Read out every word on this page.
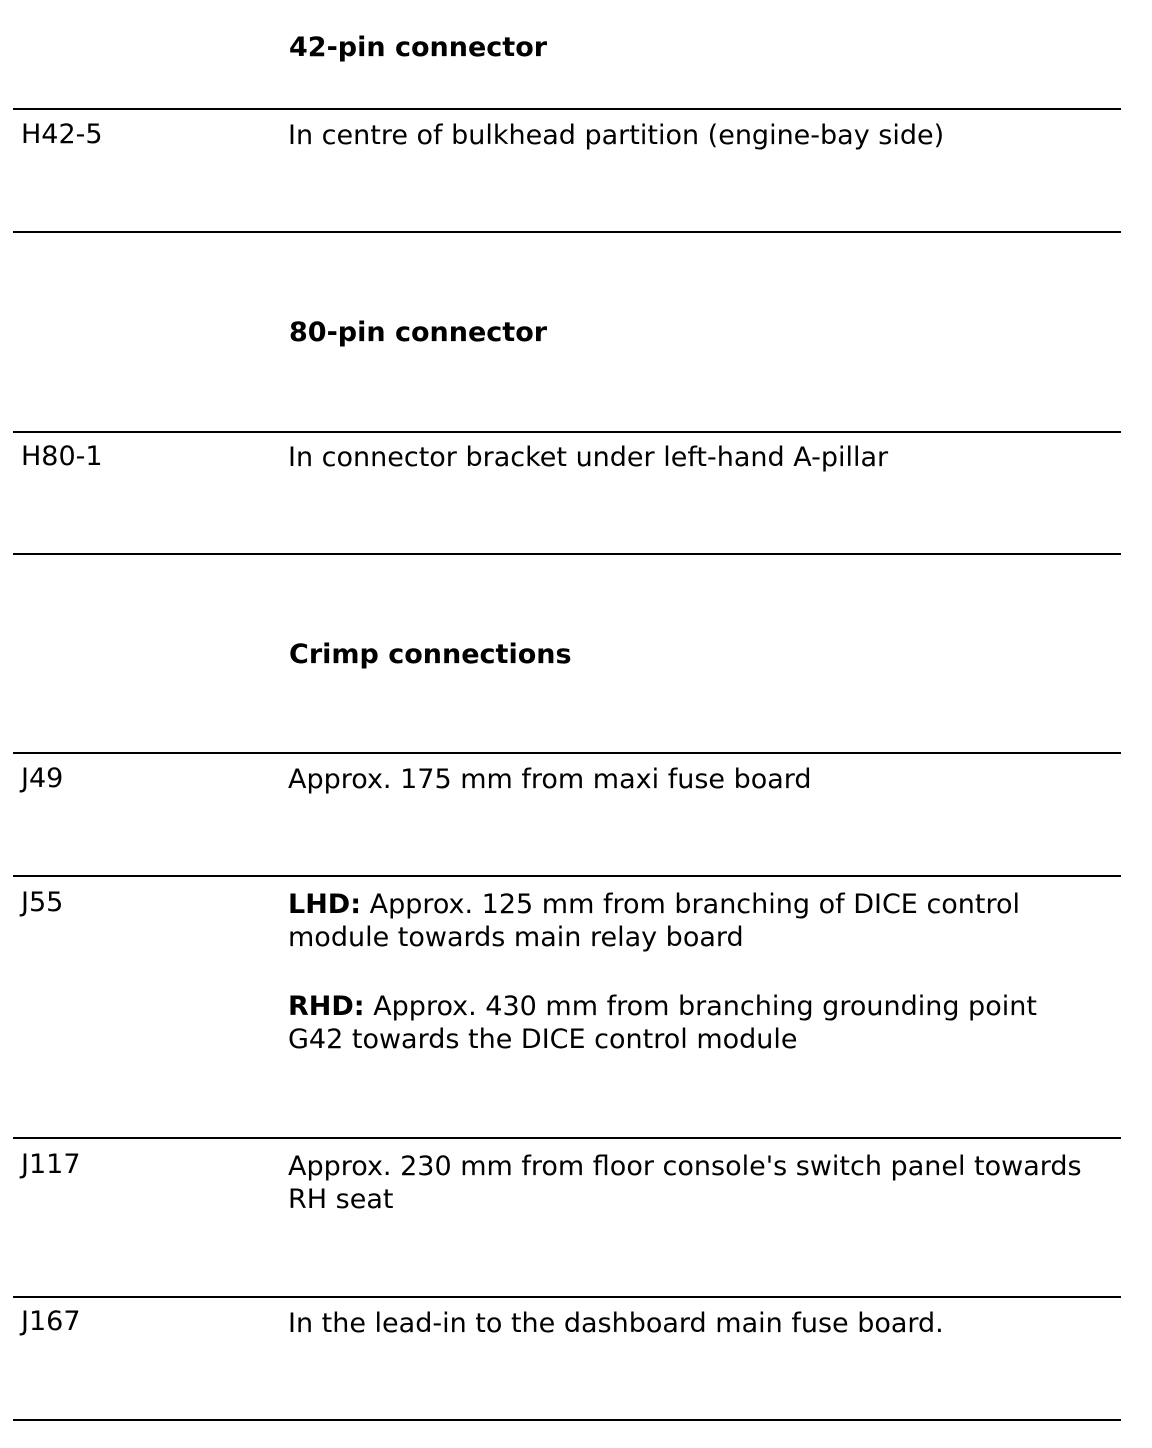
42-pin connector
H42-5	In centre of bulkhead partition (engine-bay side)

80-pin connector
H80-1	In connector bracket under left-hand A-pillar

Crimp connections
J49	Approx. 175 mm from maxi fuse board

J55	LHD: Approx. 125 mm from branching of DICE control module towards main relay board

RHD: Approx. 430 mm from branching grounding point G42 towards the DICE control module

J117	Approx. 230 mm from floor console's switch panel towards RH seat

J167	In the lead-in to the dashboard main fuse board.
